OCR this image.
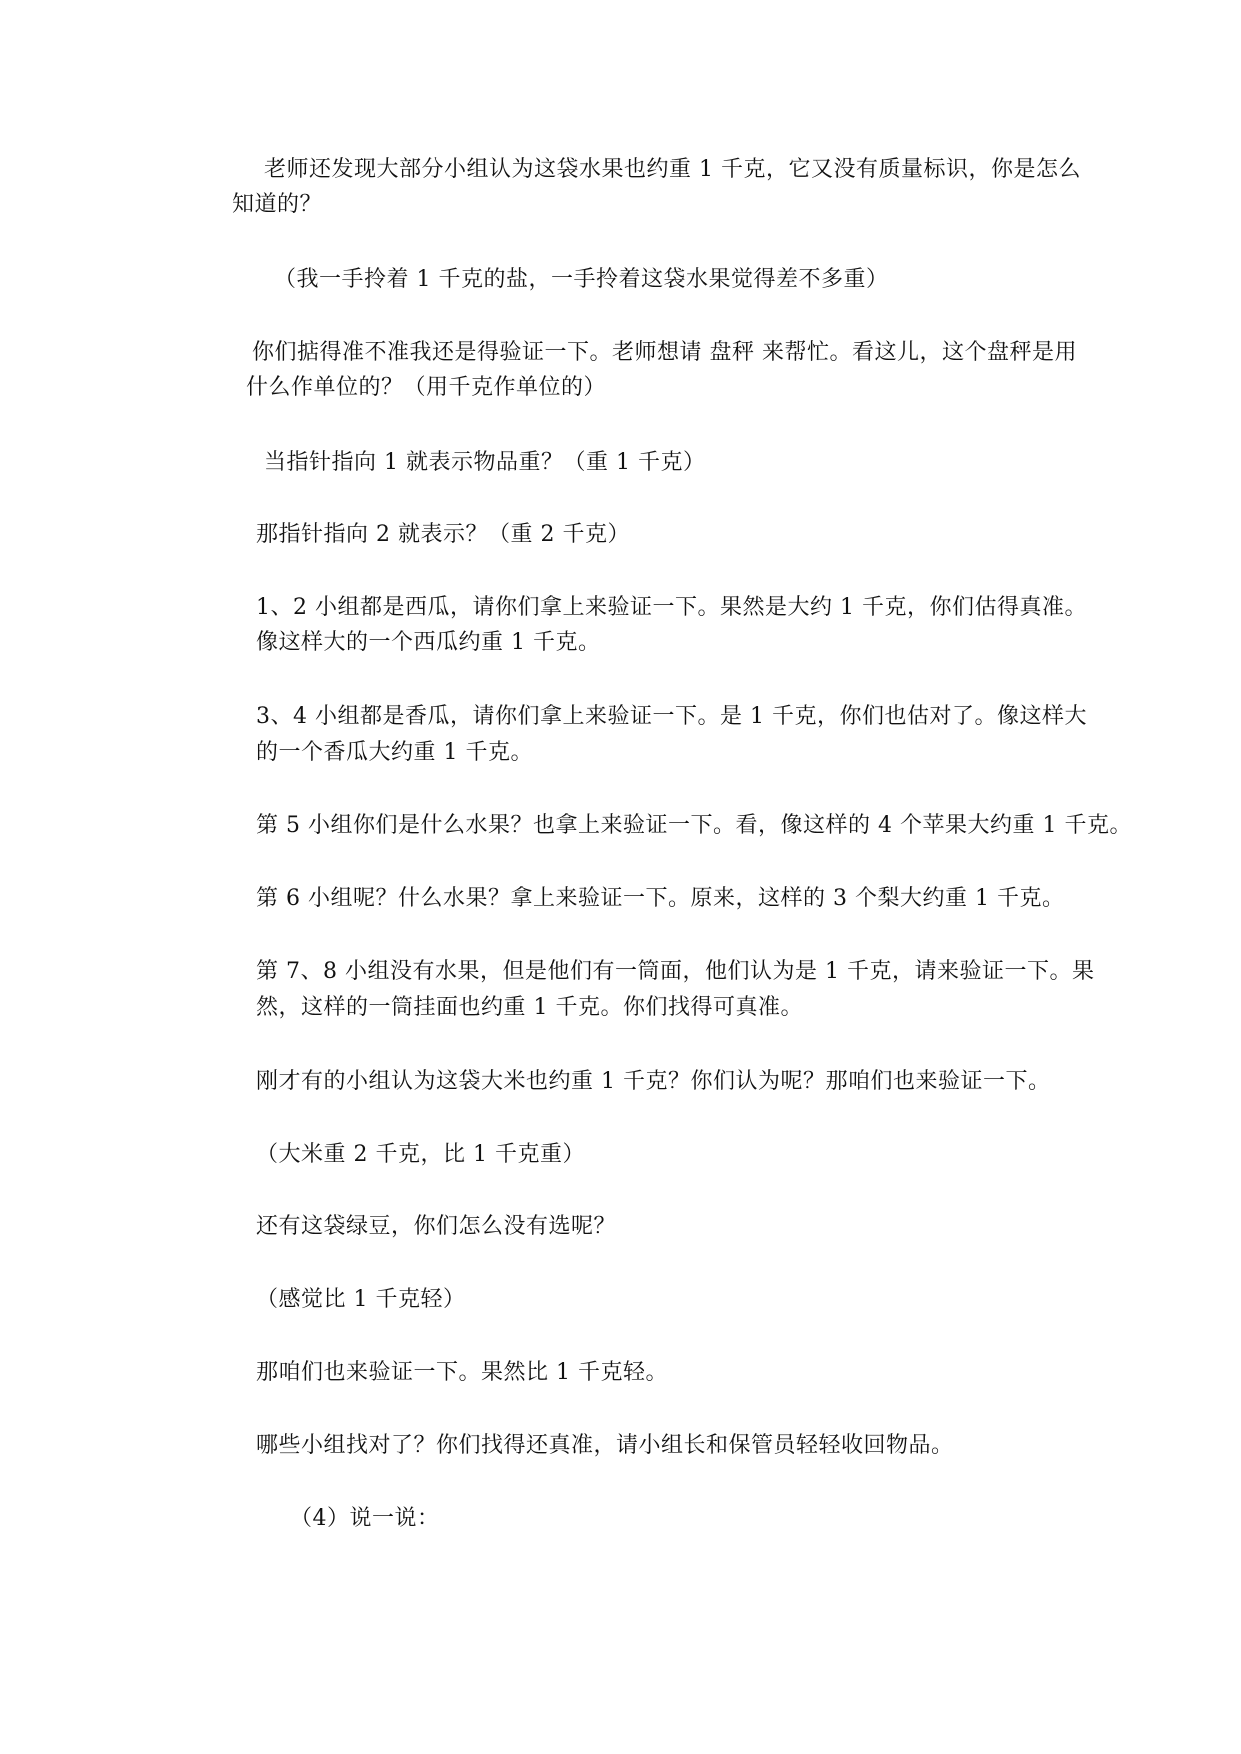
老师还发现大部分小组认为这袋水果也约重 1 千克，它又没有质量标识，你是怎么

知道的？

（我一手拎着 1 千克的盐，一手拎着这袋水果觉得差不多重）

你们掂得准不准我还是得验证一下。老师想请 盘秤 来帮忙。看这儿，这个盘秤是用

什么作单位的？（用千克作单位的）

当指针指向 1 就表示物品重？（重 1 千克）

那指针指向 2 就表示？（重 2 千克）

1、2 小组都是西瓜，请你们拿上来验证一下。果然是大约 1 千克，你们估得真准。

像这样大的一个西瓜约重 1 千克。

3、4 小组都是香瓜，请你们拿上来验证一下。是 1 千克，你们也估对了。像这样大

的一个香瓜大约重 1 千克。

第 5 小组你们是什么水果？也拿上来验证一下。看，像这样的 4 个苹果大约重 1 千克。

第 6 小组呢？什么水果？拿上来验证一下。原来，这样的 3 个梨大约重 1 千克。

第 7、8 小组没有水果，但是他们有一筒面，他们认为是 1 千克，请来验证一下。果

然，这样的一筒挂面也约重 1 千克。你们找得可真准。

刚才有的小组认为这袋大米也约重 1 千克？你们认为呢？那咱们也来验证一下。

（大米重 2 千克，比 1 千克重）

还有这袋绿豆，你们怎么没有选呢？

（感觉比 1 千克轻）

那咱们也来验证一下。果然比 1 千克轻。

哪些小组找对了？你们找得还真准，请小组长和保管员轻轻收回物品。

（4）说一说：
